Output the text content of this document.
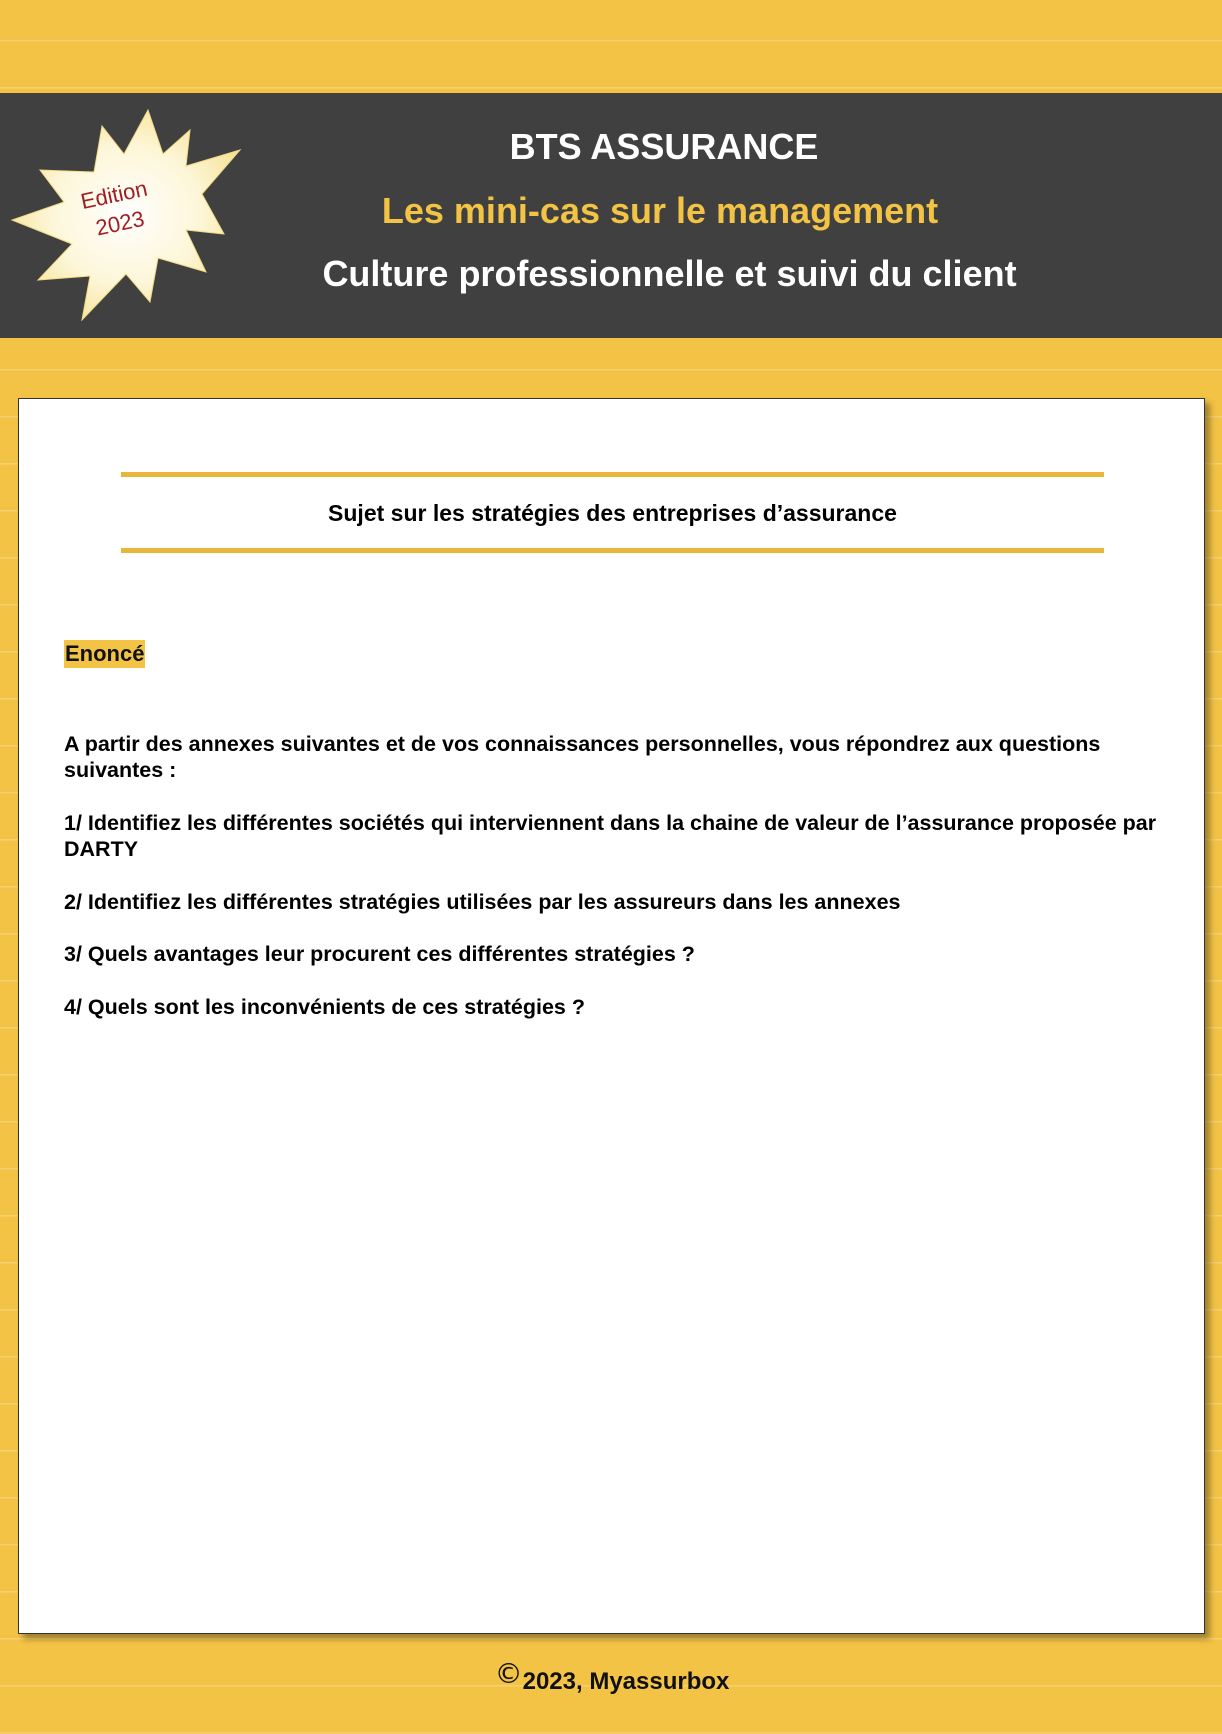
Edition
2023
BTS ASSURANCE
Les mini-cas sur le management
Culture professionnelle et suivi du client
Sujet sur les stratégies des entreprises d’assurance
Enoncé
A partir des annexes suivantes et de vos connaissances personnelles, vous répondrez aux questions suivantes :
1/ Identifiez les différentes sociétés qui interviennent dans la chaine de valeur de l’assurance proposée par DARTY
2/ Identifiez les différentes stratégies utilisées par les assureurs dans les annexes
3/ Quels avantages leur procurent ces différentes stratégies ?
4/ Quels sont les inconvénients de ces stratégies ?
©2023, Myassurbox
